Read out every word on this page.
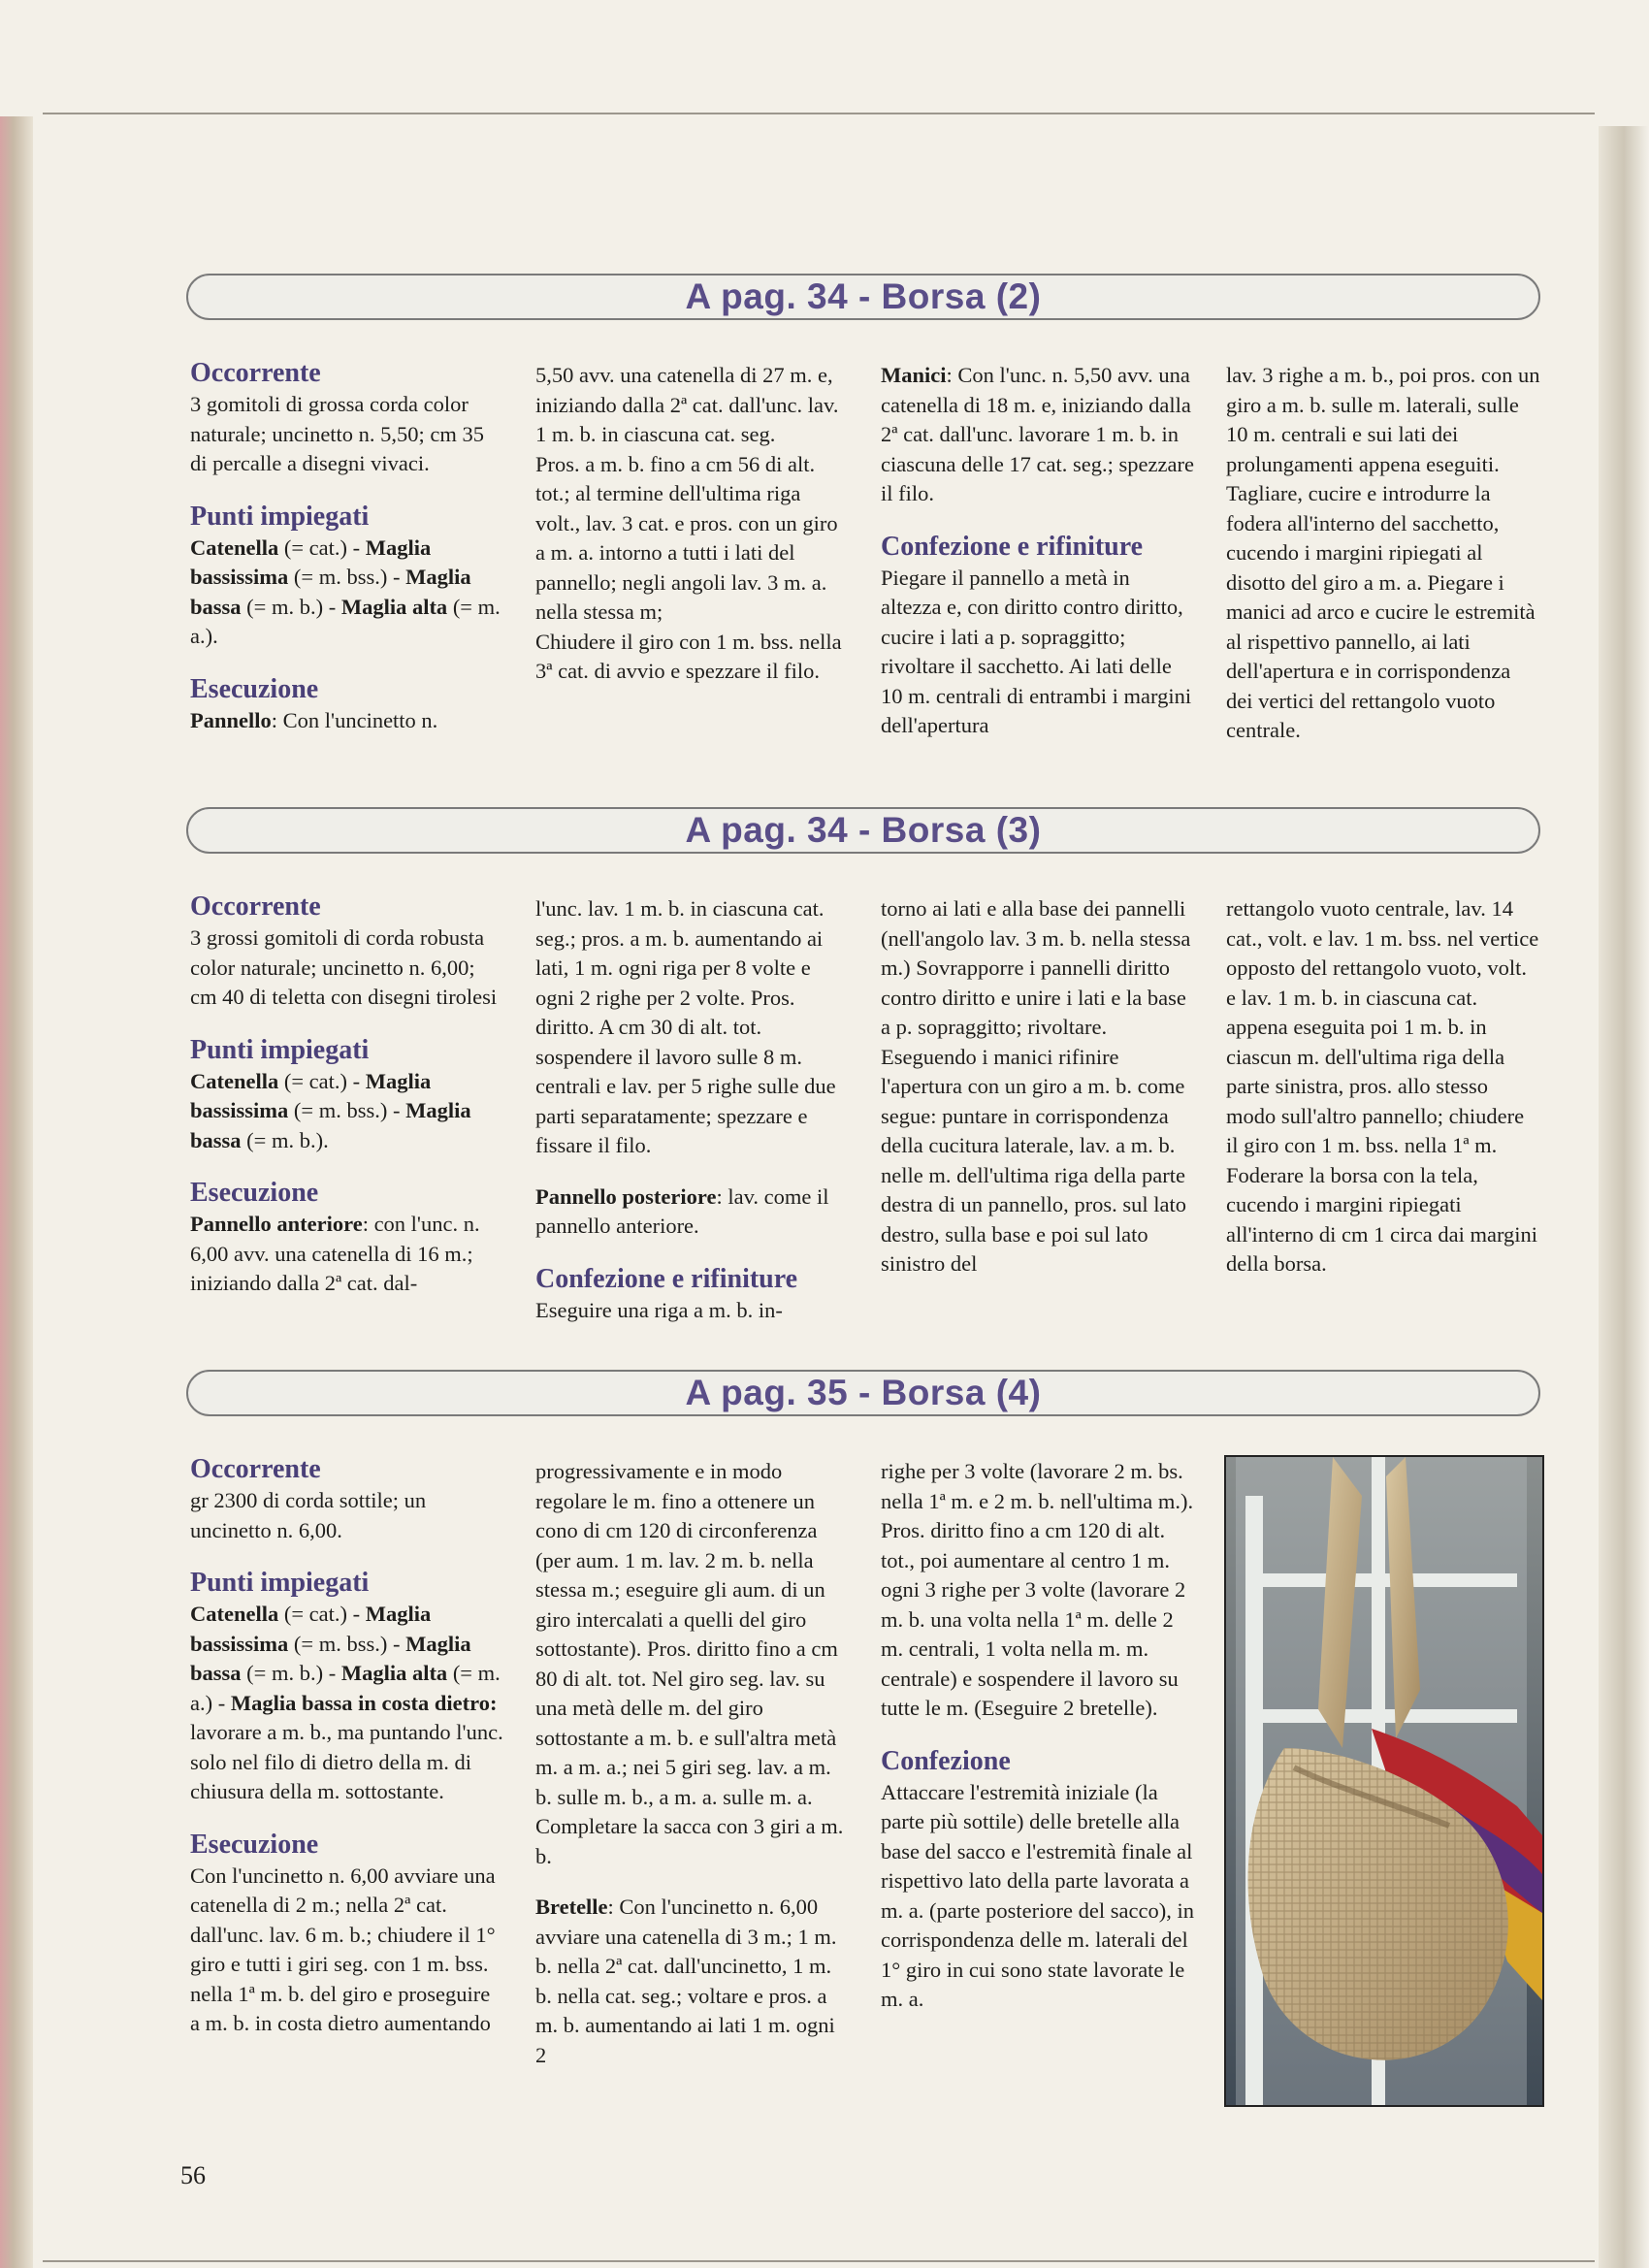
A pag. 34 - Borsa (2)
Occorrente

3 gomitoli di grossa corda color naturale; uncinetto n. 5,50; cm 35 di percalle a disegni vivaci.

Punti impiegati

Catenella (= cat.) - Maglia bassissima (= m. bss.) - Maglia bassa (= m. b.) - Maglia alta (= m. a.).

Esecuzione

Pannello: Con l'uncinetto n.

5,50 avv. una catenella di 27 m. e, iniziando dalla 2ª cat. dall'unc. lav. 1 m. b. in ciascuna cat. seg.

Pros. a m. b. fino a cm 56 di alt. tot.; al termine dell'ultima riga volt., lav. 3 cat. e pros. con un giro a m. a. intorno a tutti i lati del pannello; negli angoli lav. 3 m. a. nella stessa m;

Chiudere il giro con 1 m. bss. nella 3ª cat. di avvio e spezzare il filo.

Manici: Con l'unc. n. 5,50 avv. una catenella di 18 m. e, iniziando dalla 2ª cat. dall'unc. lavorare 1 m. b. in ciascuna delle 17 cat. seg.; spezzare il filo.

Confezione e rifiniture

Piegare il pannello a metà in altezza e, con diritto contro diritto, cucire i lati a p. sopraggitto; rivoltare il sacchetto. Ai lati delle 10 m. centrali di entrambi i margini dell'apertura

lav. 3 righe a m. b., poi pros. con un giro a m. b. sulle m. laterali, sulle 10 m. centrali e sui lati dei prolungamenti appena eseguiti. Tagliare, cucire e introdurre la fodera all'interno del sacchetto, cucendo i margini ripiegati al disotto del giro a m. a. Piegare i manici ad arco e cucire le estremità al rispettivo pannello, ai lati dell'apertura e in corrispondenza dei vertici del rettangolo vuoto centrale.

A pag. 34 - Borsa (3)
Occorrente

3 grossi gomitoli di corda robusta color naturale; uncinetto n. 6,00; cm 40 di teletta con disegni tirolesi

Punti impiegati

Catenella (= cat.) - Maglia bassissima (= m. bss.) - Maglia bassa (= m. b.).

Esecuzione

Pannello anteriore: con l'unc. n. 6,00 avv. una catenella di 16 m.; iniziando dalla 2ª cat. dal-

l'unc. lav. 1 m. b. in ciascuna cat. seg.; pros. a m. b. aumentando ai lati, 1 m. ogni riga per 8 volte e ogni 2 righe per 2 volte. Pros. diritto. A cm 30 di alt. tot. sospendere il lavoro sulle 8 m. centrali e lav. per 5 righe sulle due parti separatamente; spezzare e fissare il filo.

Pannello posteriore: lav. come il pannello anteriore.

Confezione e rifiniture

Eseguire una riga a m. b. in-

torno ai lati e alla base dei pannelli (nell'angolo lav. 3 m. b. nella stessa m.) Sovrapporre i pannelli diritto contro diritto e unire i lati e la base a p. sopraggitto; rivoltare. Eseguendo i manici rifinire l'apertura con un giro a m. b. come segue: puntare in corrispondenza della cucitura laterale, lav. a m. b. nelle m. dell'ultima riga della parte destra di un pannello, pros. sul lato destro, sulla base e poi sul lato sinistro del

rettangolo vuoto centrale, lav. 14 cat., volt. e lav. 1 m. bss. nel vertice opposto del rettangolo vuoto, volt. e lav. 1 m. b. in ciascuna cat. appena eseguita poi 1 m. b. in ciascun m. dell'ultima riga della parte sinistra, pros. allo stesso modo sull'altro pannello; chiudere il giro con 1 m. bss. nella 1ª m.

Foderare la borsa con la tela, cucendo i margini ripiegati all'interno di cm 1 circa dai margini della borsa.

A pag. 35 - Borsa (4)
Occorrente

gr 2300 di corda sottile; un uncinetto n. 6,00.

Punti impiegati

Catenella (= cat.) - Maglia bassissima (= m. bss.) - Maglia bassa (= m. b.) - Maglia alta (= m. a.) - Maglia bassa in costa dietro: lavorare a m. b., ma puntando l'unc. solo nel filo di dietro della m. di chiusura della m. sottostante.

Esecuzione

Con l'uncinetto n. 6,00 avviare una catenella di 2 m.; nella 2ª cat. dall'unc. lav. 6 m. b.; chiudere il 1° giro e tutti i giri seg. con 1 m. bss. nella 1ª m. b. del giro e proseguire a m. b. in costa dietro aumentando

progressivamente e in modo regolare le m. fino a ottenere un cono di cm 120 di circonferenza (per aum. 1 m. lav. 2 m. b. nella stessa m.; eseguire gli aum. di un giro intercalati a quelli del giro sottostante). Pros. diritto fino a cm 80 di alt. tot. Nel giro seg. lav. su una metà delle m. del giro sottostante a m. b. e sull'altra metà m. a m. a.; nei 5 giri seg. lav. a m. b. sulle m. b., a m. a. sulle m. a. Completare la sacca con 3 giri a m. b.

Bretelle: Con l'uncinetto n. 6,00 avviare una catenella di 3 m.; 1 m. b. nella 2ª cat. dall'uncinetto, 1 m. b. nella cat. seg.; voltare e pros. a m. b. aumentando ai lati 1 m. ogni 2

righe per 3 volte (lavorare 2 m. bs. nella 1ª m. e 2 m. b. nell'ultima m.). Pros. diritto fino a cm 120 di alt. tot., poi aumentare al centro 1 m. ogni 3 righe per 3 volte (lavorare 2 m. b. una volta nella 1ª m. delle 2 m. centrali, 1 volta nella m. m. centrale) e sospendere il lavoro su tutte le m. (Eseguire 2 bretelle).

Confezione

Attaccare l'estremità iniziale (la parte più sottile) delle bretelle alla base del sacco e l'estremità finale al rispettivo lato della parte lavorata a m. a. (parte posteriore del sacco), in corrispondenza delle m. laterali del 1° giro in cui sono state lavorate le m. a.

56
